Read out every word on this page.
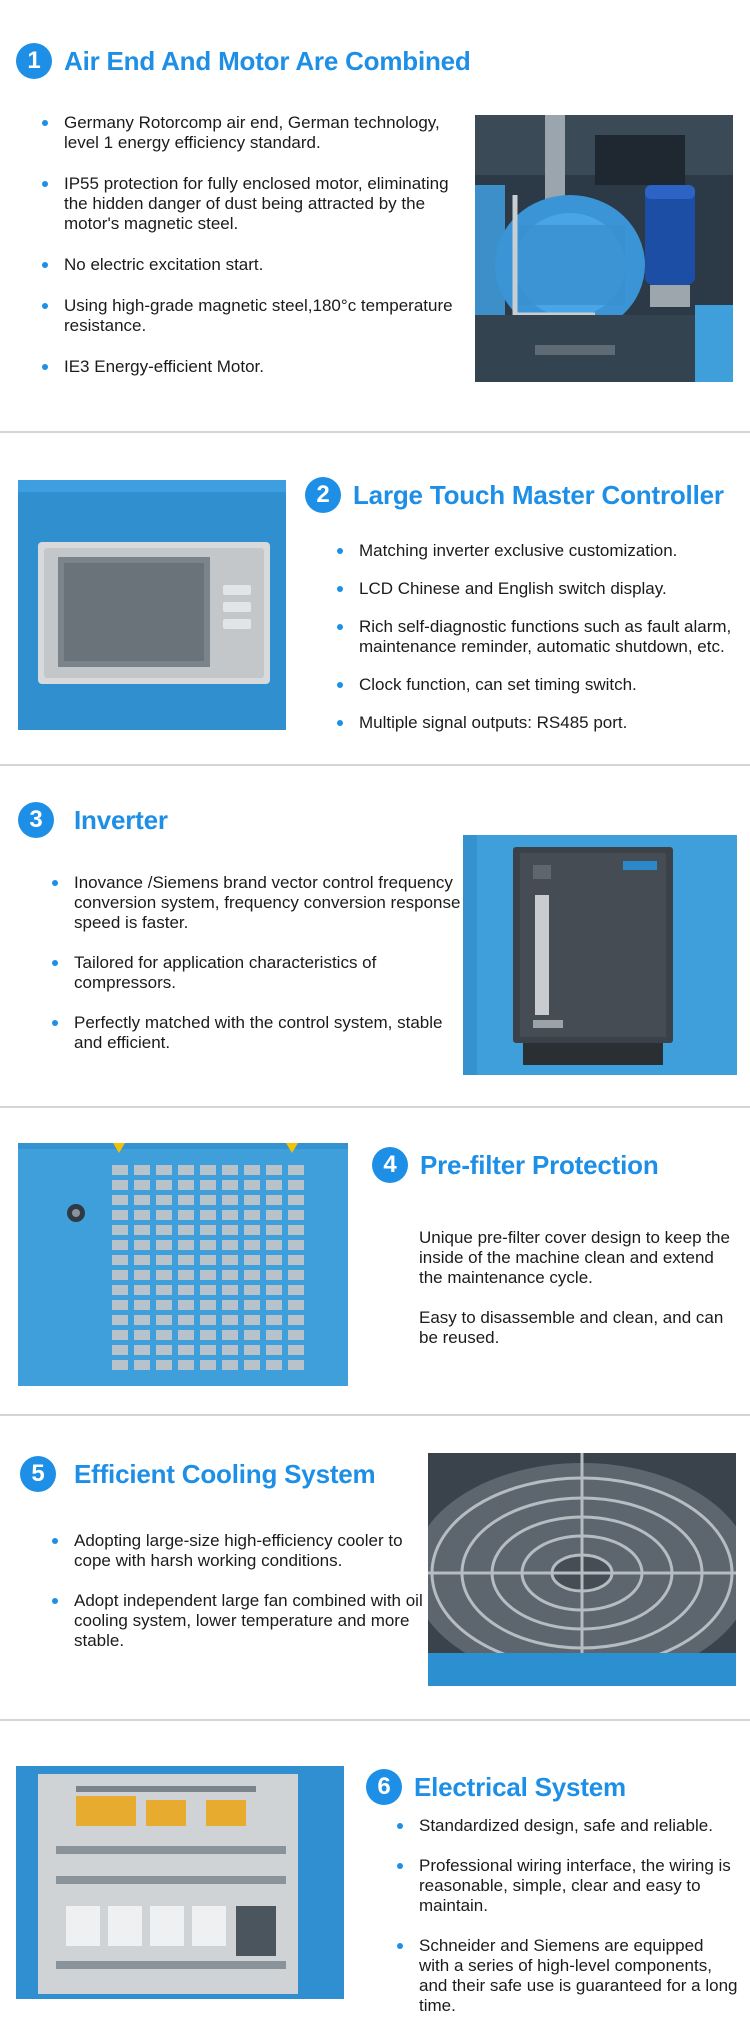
1 Air End And Motor Are Combined
Germany Rotorcomp air end, German technology, level 1 energy efficiency standard.
IP55 protection for fully enclosed motor, eliminating the hidden danger of dust being attracted by the motor's magnetic steel.
No electric excitation start.
Using high-grade magnetic steel,180°c temperature resistance.
IE3 Energy-efficient Motor.
2 Large Touch Master Controller
Matching inverter exclusive customization.
LCD Chinese and English switch display.
Rich self-diagnostic functions such as fault alarm, maintenance reminder, automatic shutdown, etc.
Clock function, can set timing switch.
Multiple signal outputs: RS485 port.
3	Inverter
Inovance /Siemens brand vector control frequency conversion system, frequency conversion response speed is faster.
Tailored for application characteristics of compressors.
Perfectly matched with the control system, stable and efficient.
4 Pre-filter Protection
Unique pre-filter cover design to keep the inside of the machine clean and extend the maintenance cycle.
Easy to disassemble and clean, and can be reused.
5	Efficient Cooling System
Adopting large-size high-efficiency cooler to cope with harsh working conditions.
Adopt independent large fan combined with oil cooling system, lower temperature and more stable.
6 Electrical System
Standardized design, safe and reliable.
Professional wiring interface, the wiring is reasonable, simple, clear and easy to maintain.
Schneider and Siemens are equipped with a series of high-level components, and their safe use is guaranteed for a long time.
